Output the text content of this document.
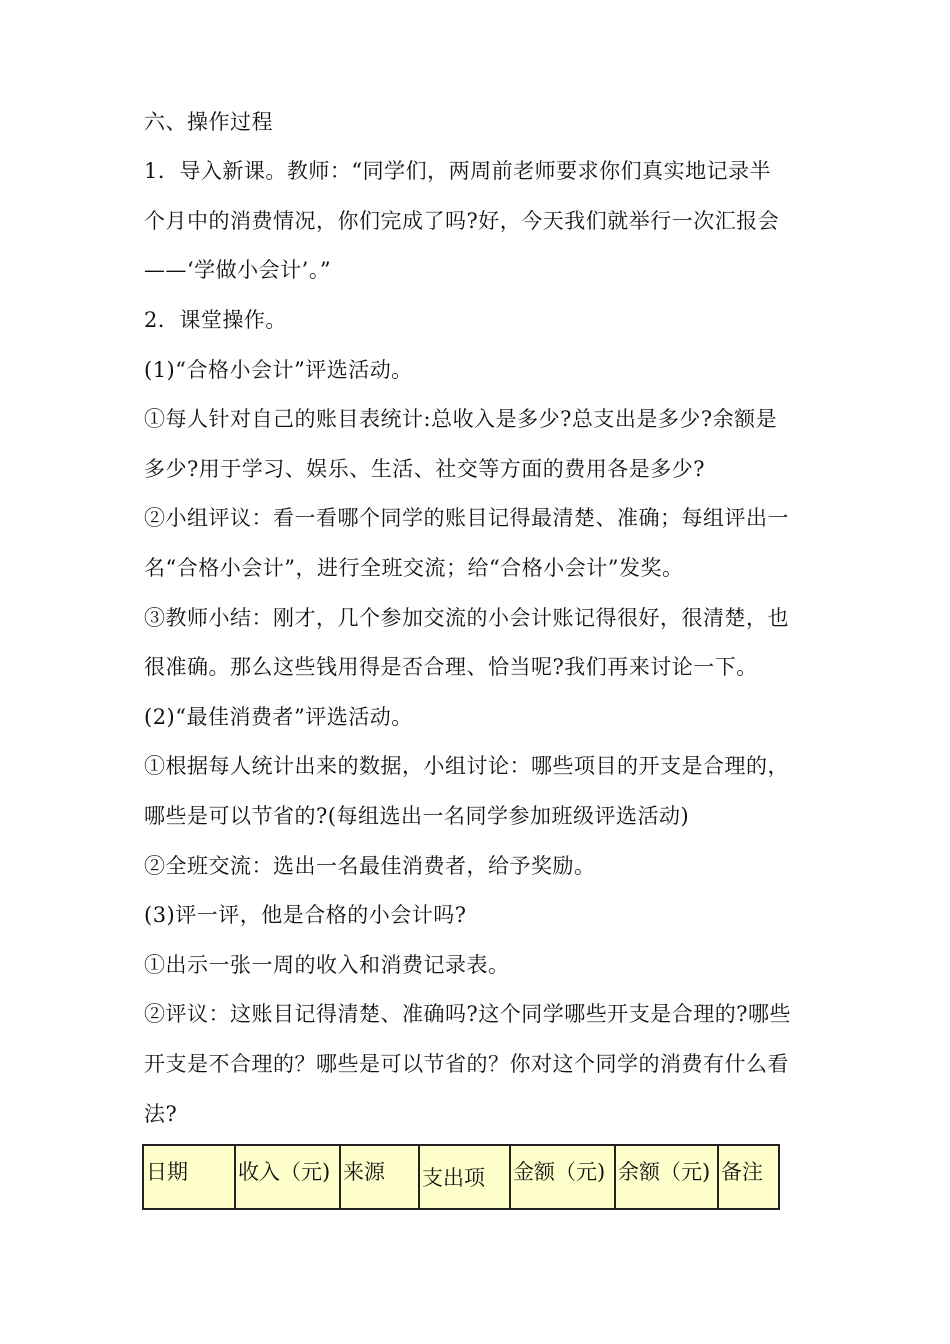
六、操作过程
1．导入新课。教师：“同学们，两周前老师要求你们真实地记录半
个月中的消费情况，你们完成了吗?好，今天我们就举行一次汇报会
——‘学做小会计’。”
2．课堂操作。
(1)“合格小会计”评选活动。
①每人针对自己的账目表统计:总收入是多少?总支出是多少?余额是
多少?用于学习、娱乐、生活、社交等方面的费用各是多少?
②小组评议：看一看哪个同学的账目记得最清楚、准确；每组评出一
名“合格小会计”，进行全班交流；给“合格小会计”发奖。
③教师小结：刚才，几个参加交流的小会计账记得很好，很清楚，也
很准确。那么这些钱用得是否合理、恰当呢?我们再来讨论一下。
(2)“最佳消费者”评选活动。
①根据每人统计出来的数据，小组讨论：哪些项目的开支是合理的，
哪些是可以节省的?(每组选出一名同学参加班级评选活动)
②全班交流：选出一名最佳消费者，给予奖励。
(3)评一评，他是合格的小会计吗?
①出示一张一周的收入和消费记录表。
②评议：这账目记得清楚、准确吗?这个同学哪些开支是合理的?哪些
开支是不合理的？哪些是可以节省的？你对这个同学的消费有什么看
法?
日期	收入（元)	来源	支出项	金额（元)	余额（元)	备注
